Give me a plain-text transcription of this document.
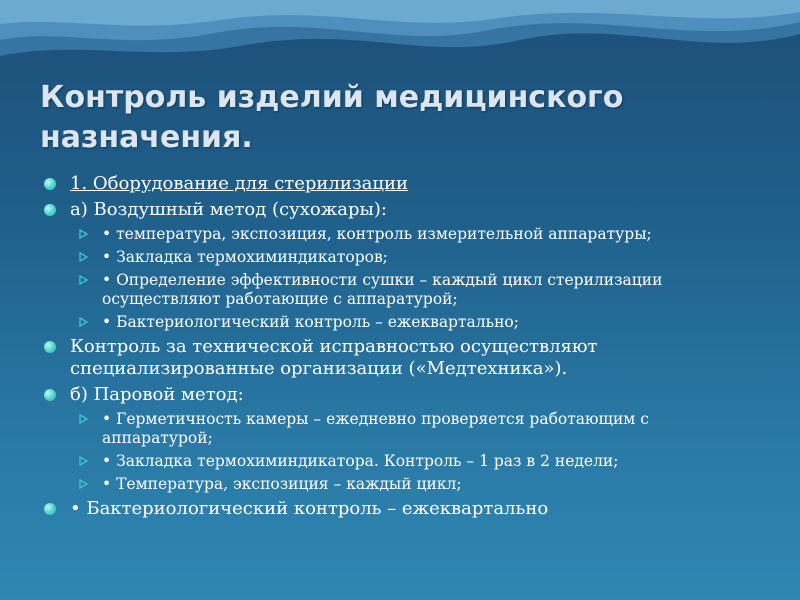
Контроль изделий медицинского
назначения.
1. Оборудование для стерилизации
а) Воздушный метод (сухожары):
• температура, экспозиция, контроль измерительной аппаратуры;
• Закладка термохиминдикаторов;
• Определение эффективности сушки – каждый цикл стерилизации осуществляют работающие с аппаратурой;
• Бактериологический контроль – ежеквартально;
Контроль за технической исправностью осуществляют специализированные организации («Медтехника»).
б) Паровой метод:
• Герметичность камеры – ежедневно проверяется работающим с аппаратурой;
• Закладка термохиминдикатора. Контроль – 1 раз в 2 недели;
• Температура, экспозиция – каждый цикл;
• Бактериологический контроль – ежеквартально
